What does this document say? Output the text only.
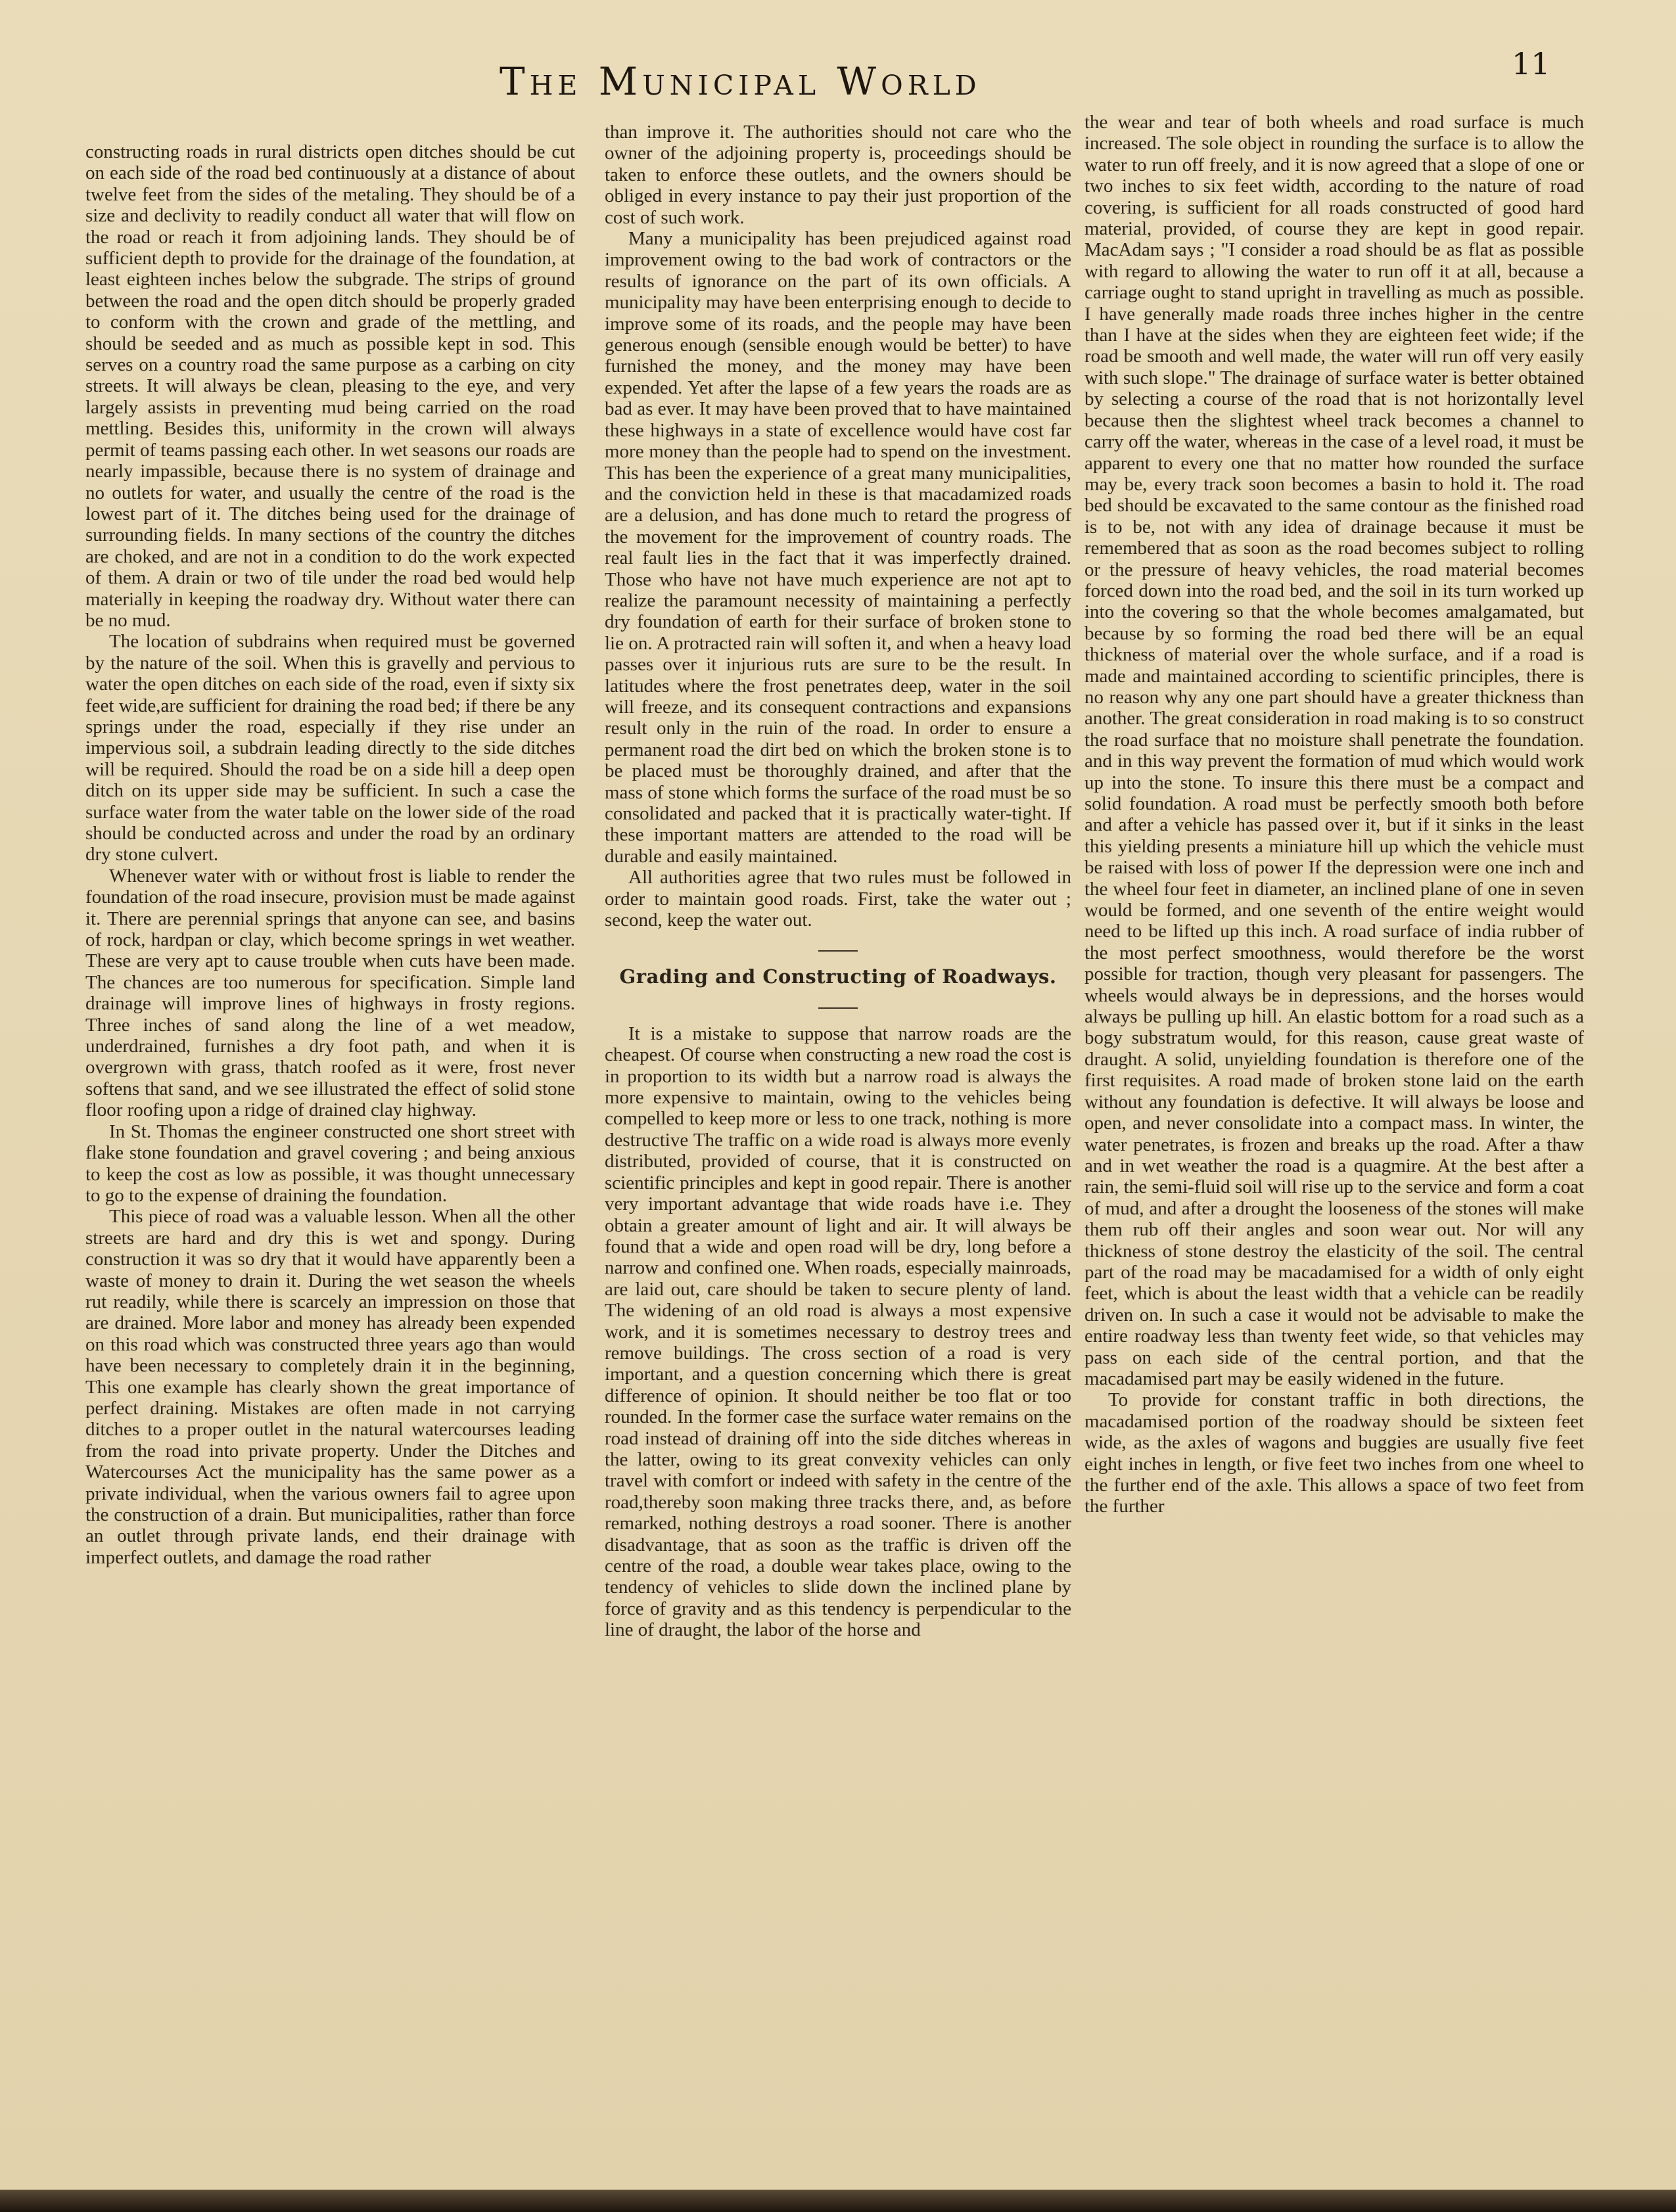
The Municipal World	11

constructing roads in rural districts open ditches should be cut on each side of the road bed continuously at a distance of about twelve feet from the sides of the metaling. They should be of a size and declivity to readily conduct all water that will flow on the road or reach it from adjoining lands. They should be of sufficient depth to provide for the drainage of the foundation, at least eighteen inches below the subgrade. The strips of ground between the road and the open ditch should be properly graded to conform with the crown and grade of the mettling, and should be seeded and as much as possible kept in sod. This serves on a country road the same purpose as a carbing on city streets. It will always be clean, pleasing to the eye, and very largely assists in preventing mud being carried on the road mettling. Besides this, uniformity in the crown will always permit of teams passing each other. In wet seasons our roads are nearly impassible, because there is no system of drainage and no outlets for water, and usually the centre of the road is the lowest part of it. The ditches being used for the drainage of surrounding fields. In many sections of the country the ditches are choked, and are not in a condition to do the work expected of them. A drain or two of tile under the road bed would help materially in keeping the roadway dry. Without water there can be no mud.

The location of subdrains when required must be governed by the nature of the soil. When this is gravelly and pervious to water the open ditches on each side of the road, even if sixty six feet wide,are sufficient for draining the road bed; if there be any springs under the road, especially if they rise under an impervious soil, a subdrain leading directly to the side ditches will be required. Should the road be on a side hill a deep open ditch on its upper side may be sufficient. In such a case the surface water from the water table on the lower side of the road should be conducted across and under the road by an ordinary dry stone culvert.

Whenever water with or without frost is liable to render the foundation of the road insecure, provision must be made against it. There are perennial springs that anyone can see, and basins of rock, hardpan or clay, which become springs in wet weather. These are very apt to cause trouble when cuts have been made. The chances are too numerous for specification. Simple land drainage will improve lines of highways in frosty regions. Three inches of sand along the line of a wet meadow, underdrained, furnishes a dry foot path, and when it is overgrown with grass, thatch roofed as it were, frost never softens that sand, and we see illustrated the effect of solid stone floor roofing upon a ridge of drained clay highway.

In St. Thomas the engineer constructed one short street with flake stone foundation and gravel covering ; and being anxious to keep the cost as low as possible, it was thought unnecessary to go to the expense of draining the foundation.

This piece of road was a valuable lesson. When all the other streets are hard and dry this is wet and spongy. During construction it was so dry that it would have apparently been a waste of money to drain it. During the wet season the wheels rut readily, while there is scarcely an impression on those that are drained. More labor and money has already been expended on this road which was constructed three years ago than would have been necessary to completely drain it in the beginning, This one example has clearly shown the great importance of perfect draining. Mistakes are often made in not carrying ditches to a proper outlet in the natural watercourses leading from the road into private property. Under the Ditches and Watercourses Act the municipality has the same power as a private individual, when the various owners fail to agree upon the construction of a drain. But municipalities, rather than force an outlet through private lands, end their drainage with imperfect outlets, and damage the road rather

than improve it. The authorities should not care who the owner of the adjoining property is, proceedings should be taken to enforce these outlets, and the owners should be obliged in every instance to pay their just proportion of the cost of such work.

Many a municipality has been prejudiced against road improvement owing to the bad work of contractors or the results of ignorance on the part of its own officials. A municipality may have been enterprising enough to decide to improve some of its roads, and the people may have been generous enough (sensible enough would be better) to have furnished the money, and the money may have been expended. Yet after the lapse of a few years the roads are as bad as ever. It may have been proved that to have maintained these highways in a state of excellence would have cost far more money than the people had to spend on the investment. This has been the experience of a great many municipalities, and the conviction held in these is that macadamized roads are a delusion, and has done much to retard the progress of the movement for the improvement of country roads. The real fault lies in the fact that it was imperfectly drained. Those who have not have much experience are not apt to realize the paramount necessity of maintaining a perfectly dry foundation of earth for their surface of broken stone to lie on. A protracted rain will soften it, and when a heavy load passes over it injurious ruts are sure to be the result. In latitudes where the frost penetrates deep, water in the soil will freeze, and its consequent contractions and expansions result only in the ruin of the road. In order to ensure a permanent road the dirt bed on which the broken stone is to be placed must be thoroughly drained, and after that the mass of stone which forms the surface of the road must be so consolidated and packed that it is practically water-tight. If these important matters are attended to the road will be durable and easily maintained.

All authorities agree that two rules must be followed in order to maintain good roads. First, take the water out ; second, keep the water out.

Grading and Constructing of Roadways.

It is a mistake to suppose that narrow roads are the cheapest. Of course when constructing a new road the cost is in proportion to its width but a narrow road is always the more expensive to maintain, owing to the vehicles being compelled to keep more or less to one track, nothing is more destructive The traffic on a wide road is always more evenly distributed, provided of course, that it is constructed on scientific principles and kept in good repair. There is another very important advantage that wide roads have i.e. They obtain a greater amount of light and air. It will always be found that a wide and open road will be dry, long before a narrow and confined one. When roads, especially mainroads, are laid out, care should be taken to secure plenty of land. The widening of an old road is always a most expensive work, and it is sometimes necessary to destroy trees and remove buildings. The cross section of a road is very important, and a question concerning which there is great difference of opinion. It should neither be too flat or too rounded. In the former case the surface water remains on the road instead of draining off into the side ditches whereas in the latter, owing to its great convexity vehicles can only travel with comfort or indeed with safety in the centre of the road,thereby soon making three tracks there, and, as before remarked, nothing destroys a road sooner. There is another disadvantage, that as soon as the traffic is driven off the centre of the road, a double wear takes place, owing to the tendency of vehicles to slide down the inclined plane by force of gravity and as this tendency is perpendicular to the line of draught, the labor of the horse and

the wear and tear of both wheels and road surface is much increased. The sole object in rounding the surface is to allow the water to run off freely, and it is now agreed that a slope of one or two inches to six feet width, according to the nature of road covering, is sufficient for all roads constructed of good hard material, provided, of course they are kept in good repair. MacAdam says ; "I consider a road should be as flat as possible with regard to allowing the water to run off it at all, because a carriage ought to stand upright in travelling as much as possible. I have generally made roads three inches higher in the centre than I have at the sides when they are eighteen feet wide; if the road be smooth and well made, the water will run off very easily with such slope." The drainage of surface water is better obtained by selecting a course of the road that is not horizontally level because then the slightest wheel track becomes a channel to carry off the water, whereas in the case of a level road, it must be apparent to every one that no matter how rounded the surface may be, every track soon becomes a basin to hold it. The road bed should be excavated to the same contour as the finished road is to be, not with any idea of drainage because it must be remembered that as soon as the road becomes subject to rolling or the pressure of heavy vehicles, the road material becomes forced down into the road bed, and the soil in its turn worked up into the covering so that the whole becomes amalgamated, but because by so forming the road bed there will be an equal thickness of material over the whole surface, and if a road is made and maintained according to scientific principles, there is no reason why any one part should have a greater thickness than another. The great consideration in road making is to so construct the road surface that no moisture shall penetrate the foundation. and in this way prevent the formation of mud which would work up into the stone. To insure this there must be a compact and solid foundation. A road must be perfectly smooth both before and after a vehicle has passed over it, but if it sinks in the least this yielding presents a miniature hill up which the vehicle must be raised with loss of power If the depression were one inch and the wheel four feet in diameter, an inclined plane of one in seven would be formed, and one seventh of the entire weight would need to be lifted up this inch. A road surface of india rubber of the most perfect smoothness, would therefore be the worst possible for traction, though very pleasant for passengers. The wheels would always be in depressions, and the horses would always be pulling up hill. An elastic bottom for a road such as a bogy substratum would, for this reason, cause great waste of draught. A solid, unyielding foundation is therefore one of the first requisites. A road made of broken stone laid on the earth without any foundation is defective. It will always be loose and open, and never consolidate into a compact mass. In winter, the water penetrates, is frozen and breaks up the road. After a thaw and in wet weather the road is a quagmire. At the best after a rain, the semi-fluid soil will rise up to the service and form a coat of mud, and after a drought the looseness of the stones will make them rub off their angles and soon wear out. Nor will any thickness of stone destroy the elasticity of the soil. The central part of the road may be macadamised for a width of only eight feet, which is about the least width that a vehicle can be readily driven on. In such a case it would not be advisable to make the entire roadway less than twenty feet wide, so that vehicles may pass on each side of the central portion, and that the macadamised part may be easily widened in the future.

To provide for constant traffic in both directions, the macadamised portion of the roadway should be sixteen feet wide, as the axles of wagons and buggies are usually five feet eight inches in length, or five feet two inches from one wheel to the further end of the axle. This allows a space of two feet from the further
